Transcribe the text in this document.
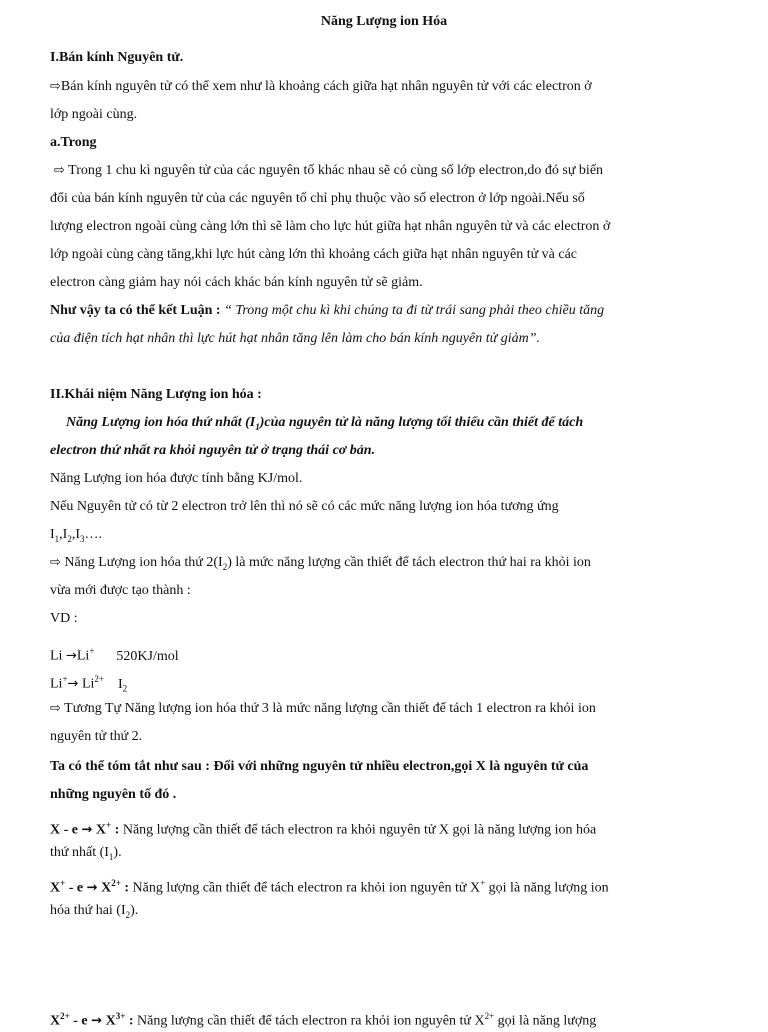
Năng Lượng ion Hóa
I.Bán kính Nguyên tử.
⇨Bán kính nguyên tử có thể xem như là khoảng cách giữa hạt nhân nguyên tử với các electron ở
lớp ngoài cùng.
a.Trong
⇨ Trong 1 chu kì nguyên tử của các nguyên tố khác nhau sẽ có cùng số lớp electron,do đó sự biến
đổi của bán kính nguyên tử của các nguyên tố chỉ phụ thuộc vào số electron ở lớp ngoài.Nếu số
lượng electron ngoài cùng càng lớn thì sẽ làm cho lực hút giữa hạt nhân nguyên tử và các electron ở
lớp ngoài cùng càng tăng,khi lực hút càng lớn thì khoảng cách giữa hạt nhân nguyên tử và các
electron càng giảm hay nói cách khác bán kính nguyên tử sẽ giảm.
Như vậy ta có thể kết Luận : “ Trong một chu kì khi chúng ta đi từ trái sang phải theo chiều tăng
của điện tích hạt nhân thì lực hút hạt nhân tăng lên làm cho bán kính nguyên tử giảm”.
II.Khái niệm Năng Lượng ion hóa :
Năng Lượng ion hóa thứ nhất $(I_1)của$ nguyên tử là năng lượng tối thiểu cần thiết để tách
electron thứ nhất ra khỏi nguyên tử ở trạng thái cơ bản.
Năng Lượng ion hóa được tính bằng KJ/mol.
Nếu Nguyên tử có từ 2 electron trở lên thì nó sẽ có các mức năng lượng ion hóa tương ứng
$I_1,I_2,I_3\dots$.
⇨ Năng Lượng ion hóa thứ $2(I_2)$ là mức năng lượng cần thiết để tách electron thứ hai ra khỏi ion
vừa mới được tạo thành :
VD :
Li →Li+ 520KJ/mol
$Li^+\to Li^{2+}$ $I_2$
⇨ Tương Tự Năng lượng ion hóa thứ 3 là mức năng lượng cần thiết để tách 1 electron ra khỏi ion
nguyên tử thứ 2.
Ta có thể tóm tắt như sau : Đối với những nguyên tử nhiều electron,gọi X là nguyên tử của
những nguyên tố đó .
X - e → X+ : Năng lượng cần thiết để tách electron ra khỏi nguyên tử X gọi là năng lượng ion hóa
thứ nhất $(I_1)$.
$X^+ - e \to X^{2+}$ : Năng lượng cần thiết để tách electron ra khỏi ion nguyên tử X+ gọi là năng lượng ion
hóa thứ hai $(I_2)$.
$X^{2+} - e \to X^{3+}$ : Năng lượng cần thiết để tách electron ra khỏi ion nguyên tử $X^{2+}$ gọi là năng lượng
